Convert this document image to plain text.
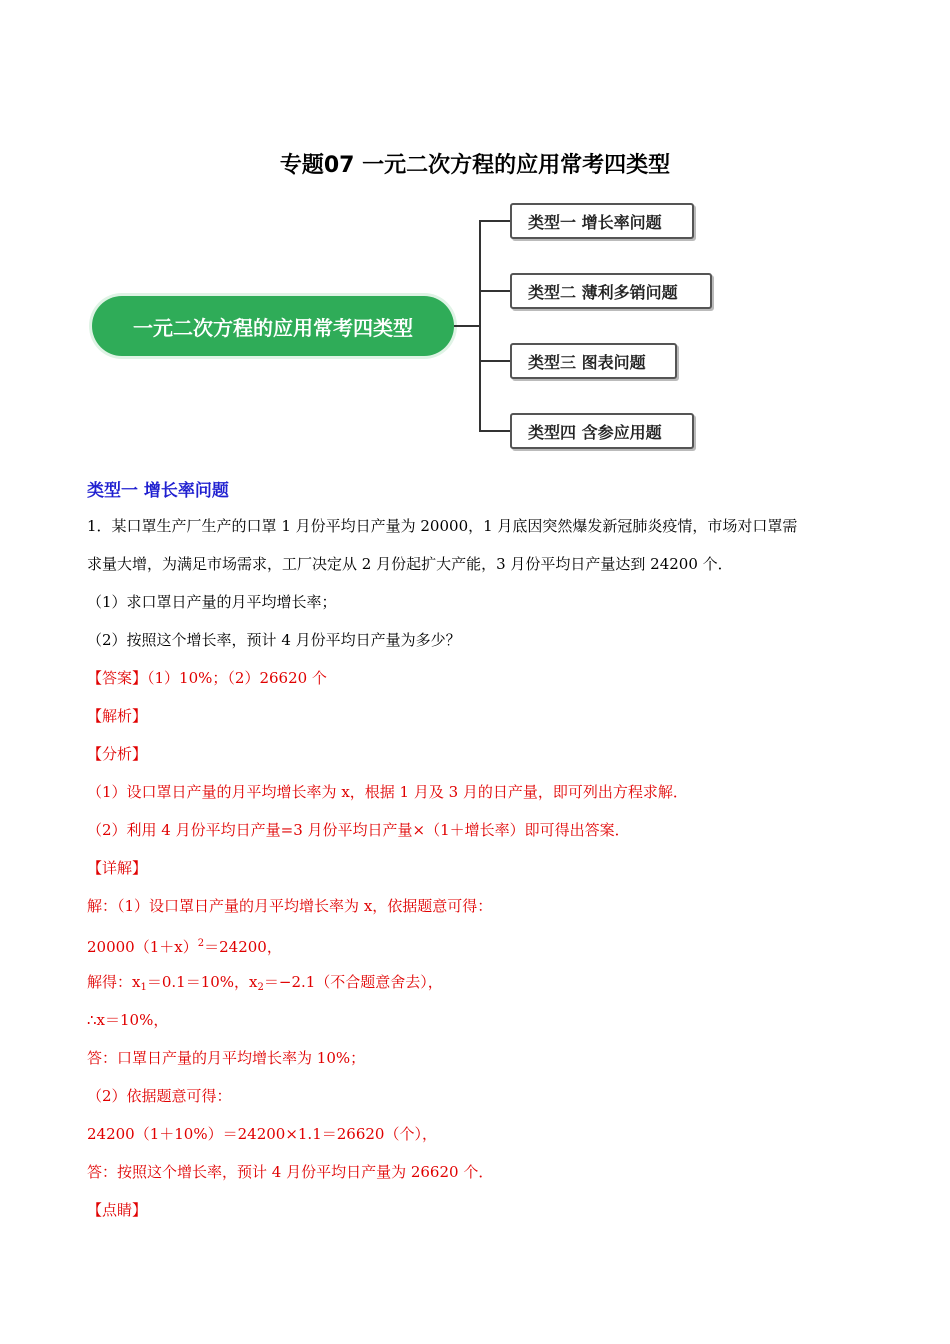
专题07 一元二次方程的应用常考四类型
一元二次方程的应用常考四类型
类型一 增长率问题
类型二 薄利多销问题
类型三 图表问题
类型四 含参应用题
类型一 增长率问题
1．某口罩生产厂生产的口罩 1 月份平均日产量为 20000，1 月底因突然爆发新冠肺炎疫情，市场对口罩需
求量大增，为满足市场需求，工厂决定从 2 月份起扩大产能，3 月份平均日产量达到 24200 个．
（1）求口罩日产量的月平均增长率；
（2）按照这个增长率，预计 4 月份平均日产量为多少？
【答案】（1）10%；（2）26620 个
【解析】
【分析】
（1）设口罩日产量的月平均增长率为 x，根据 1 月及 3 月的日产量，即可列出方程求解．
（2）利用 4 月份平均日产量=3 月份平均日产量×（1＋增长率）即可得出答案．
【详解】
解：（1）设口罩日产量的月平均增长率为 x，依据题意可得：
$20000(1+x)^2=24200$，
解得：$x_1=0.1=10\%$，$x_2=-2.1$（不合题意舍去），
∴x＝10%，
答：口罩日产量的月平均增长率为 10%；
（2）依据题意可得：
24200（1＋10%）＝24200×1.1＝26620（个），
答：按照这个增长率，预计 4 月份平均日产量为 26620 个．
【点睛】
